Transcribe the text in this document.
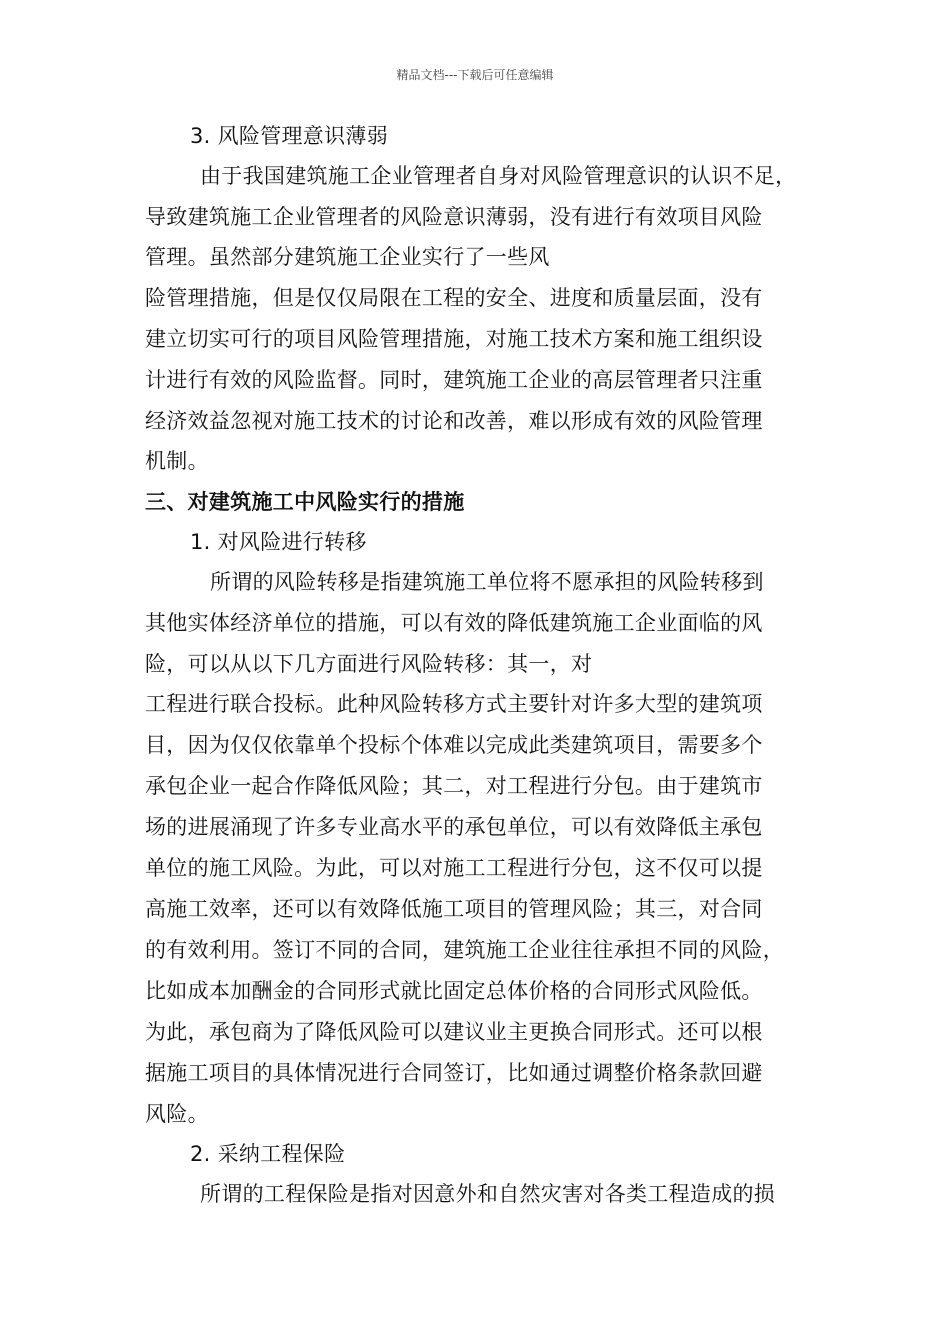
精品文档---下载后可任意编辑
3. 风险管理意识薄弱
由于我国建筑施工企业管理者自身对风险管理意识的认识不足，
导致建筑施工企业管理者的风险意识薄弱，没有进行有效项目风险
管理。虽然部分建筑施工企业实行了一些风
险管理措施，但是仅仅局限在工程的安全、进度和质量层面，没有
建立切实可行的项目风险管理措施，对施工技术方案和施工组织设
计进行有效的风险监督。同时，建筑施工企业的高层管理者只注重
经济效益忽视对施工技术的讨论和改善，难以形成有效的风险管理
机制。
三、对建筑施工中风险实行的措施
1. 对风险进行转移
所谓的风险转移是指建筑施工单位将不愿承担的风险转移到
其他实体经济单位的措施，可以有效的降低建筑施工企业面临的风
险，可以从以下几方面进行风险转移：其一，对
工程进行联合投标。此种风险转移方式主要针对许多大型的建筑项
目，因为仅仅依靠单个投标个体难以完成此类建筑项目，需要多个
承包企业一起合作降低风险；其二，对工程进行分包。由于建筑市
场的进展涌现了许多专业高水平的承包单位，可以有效降低主承包
单位的施工风险。为此，可以对施工工程进行分包，这不仅可以提
高施工效率，还可以有效降低施工项目的管理风险；其三，对合同
的有效利用。签订不同的合同，建筑施工企业往往承担不同的风险，
比如成本加酬金的合同形式就比固定总体价格的合同形式风险低。
为此，承包商为了降低风险可以建议业主更换合同形式。还可以根
据施工项目的具体情况进行合同签订，比如通过调整价格条款回避
风险。
2. 采纳工程保险
所谓的工程保险是指对因意外和自然灾害对各类工程造成的损
